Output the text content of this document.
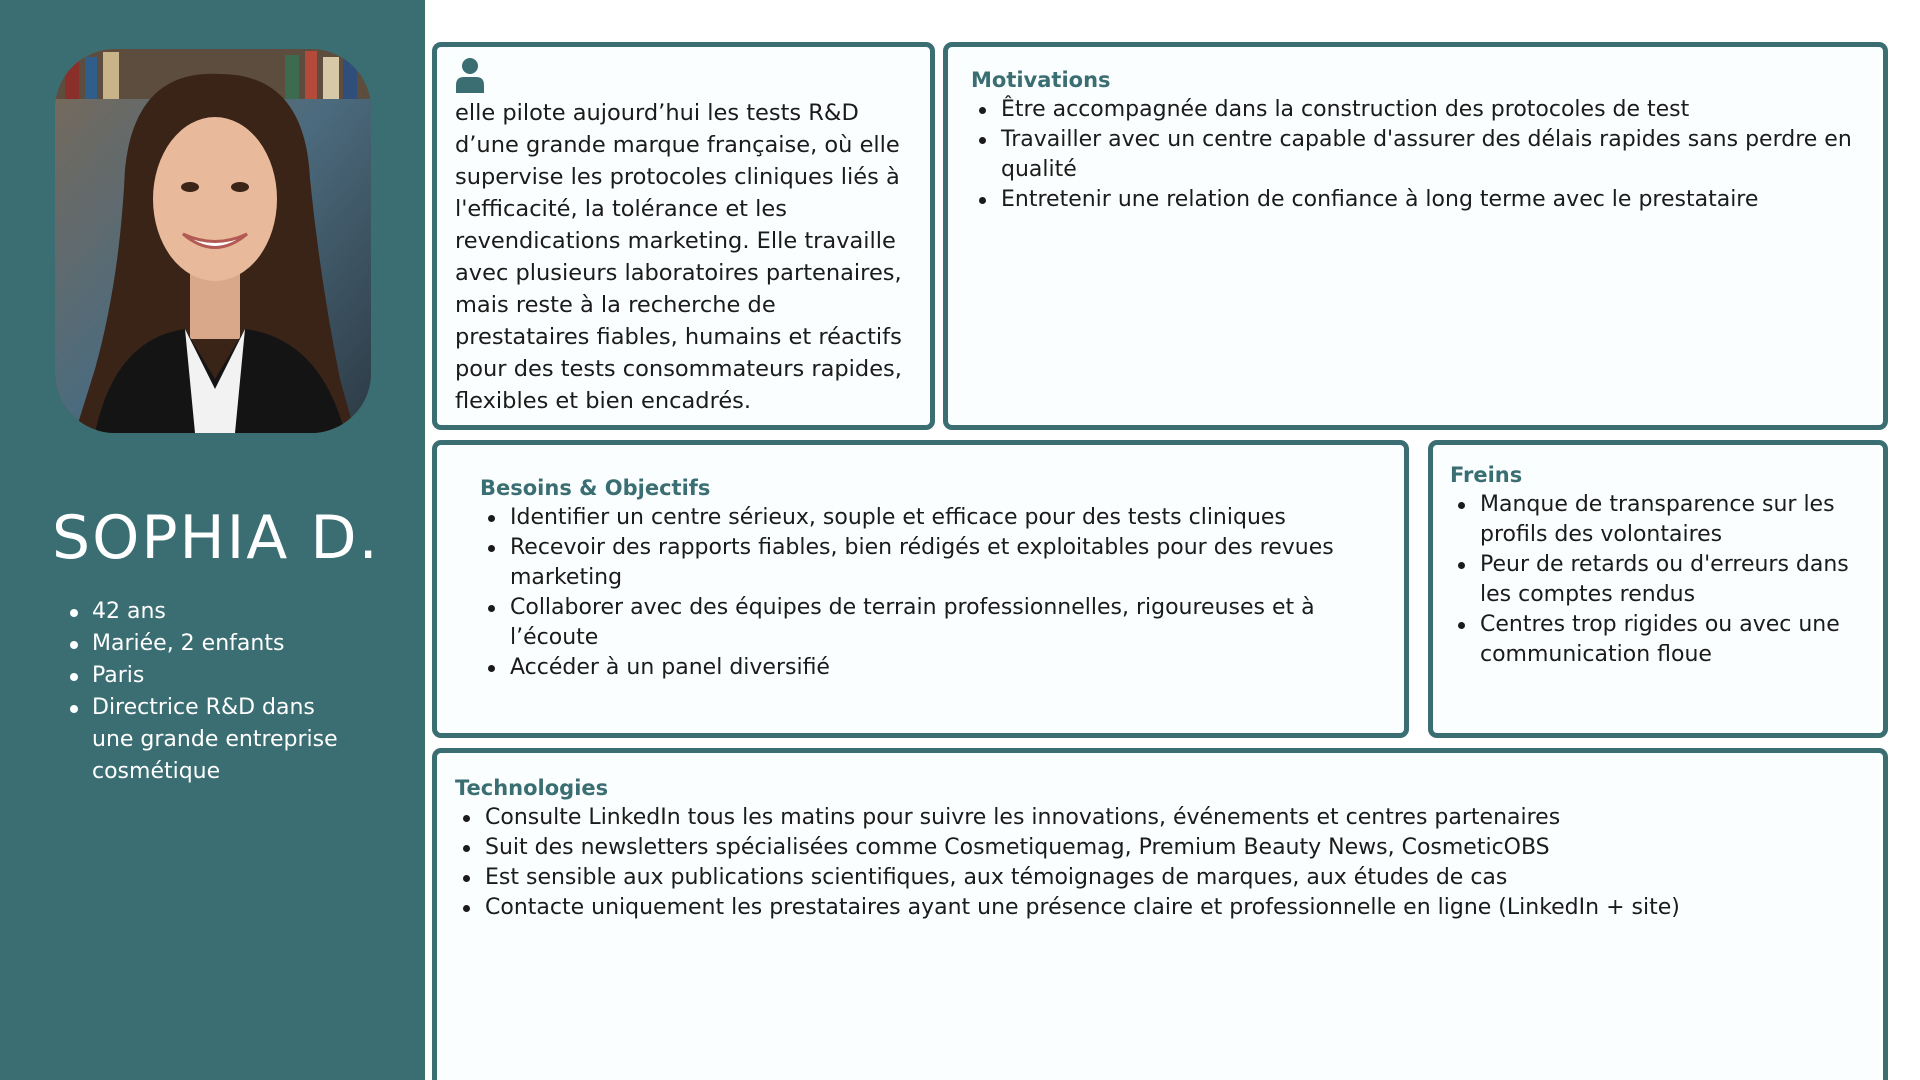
SOPHIA D.
42 ans
Mariée, 2 enfants
Paris
Directrice R&D dans une grande entreprise cosmétique

elle pilote aujourd’hui les tests R&D d’une grande marque française, où elle supervise les protocoles cliniques liés à l'efficacité, la tolérance et les revendications marketing. Elle travaille avec plusieurs laboratoires partenaires, mais reste à la recherche de prestataires fiables, humains et réactifs pour des tests consommateurs rapides, flexibles et bien encadrés.

Motivations
Être accompagnée dans la construction des protocoles de test
Travailler avec un centre capable d'assurer des délais rapides sans perdre en qualité
Entretenir une relation de confiance à long terme avec le prestataire
Besoins & Objectifs
Identifier un centre sérieux, souple et efficace pour des tests cliniques
Recevoir des rapports fiables, bien rédigés et exploitables pour des revues marketing
Collaborer avec des équipes de terrain professionnelles, rigoureuses et à l’écoute
Accéder à un panel diversifié
Freins
Manque de transparence sur les profils des volontaires
Peur de retards ou d'erreurs dans les comptes rendus
Centres trop rigides ou avec une communication floue
Technologies
Consulte LinkedIn tous les matins pour suivre les innovations, événements et centres partenaires
Suit des newsletters spécialisées comme Cosmetiquemag, Premium Beauty News, CosmeticOBS
Est sensible aux publications scientifiques, aux témoignages de marques, aux études de cas
Contacte uniquement les prestataires ayant une présence claire et professionnelle en ligne (LinkedIn + site)
